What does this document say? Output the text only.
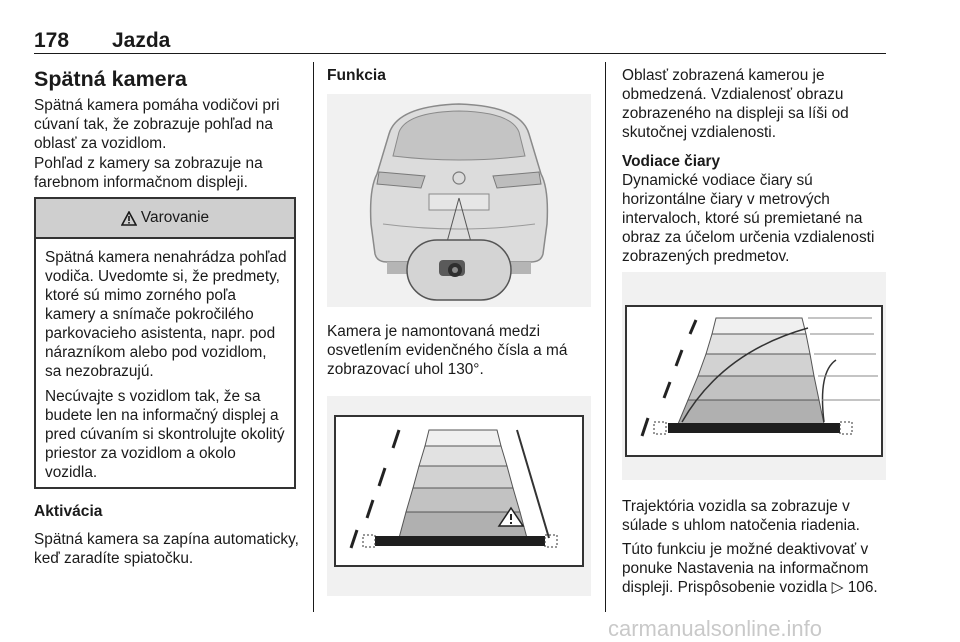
178 Jazda
Spätná kamera

Spätná kamera pomáha vodičovi pri cúvaní tak, že zobrazuje pohľad na oblasť za vozidlom.

Pohľad z kamery sa zobrazuje na farebnom informačnom displeji.

Varovanie

Spätná kamera nenahrádza pohľad vodiča. Uvedomte si, že predmety, ktoré sú mimo zorného poľa kamery a snímače pokročilého parkovacieho asistenta, napr. pod nárazníkom alebo pod vozidlom, sa nezobrazujú.

Necúvajte s vozidlom tak, že sa budete len na informačný displej a pred cúvaním si skontrolujte okolitý priestor za vozidlom a okolo vozidla.

Aktivácia

Spätná kamera sa zapína automaticky, keď zaradíte spiatočku.

Funkcia

Kamera je namontovaná medzi osvetlením evidenčného čísla a má zobrazovací uhol 130°.

Oblasť zobrazená kamerou je obmedzená. Vzdialenosť obrazu zobrazeného na displeji sa líši od skutočnej vzdialenosti.

Vodiace čiary

Dynamické vodiace čiary sú horizontálne čiary v metrových intervaloch, ktoré sú premietané na obraz za účelom určenia vzdialenosti zobrazených predmetov.

Trajektória vozidla sa zobrazuje v súlade s uhlom natočenia riadenia.

Túto funkciu je možné deaktivovať v ponuke Nastavenia na informačnom displeji. Prispôsobenie vozidla ▷ 106.

carmanualsonline.info
